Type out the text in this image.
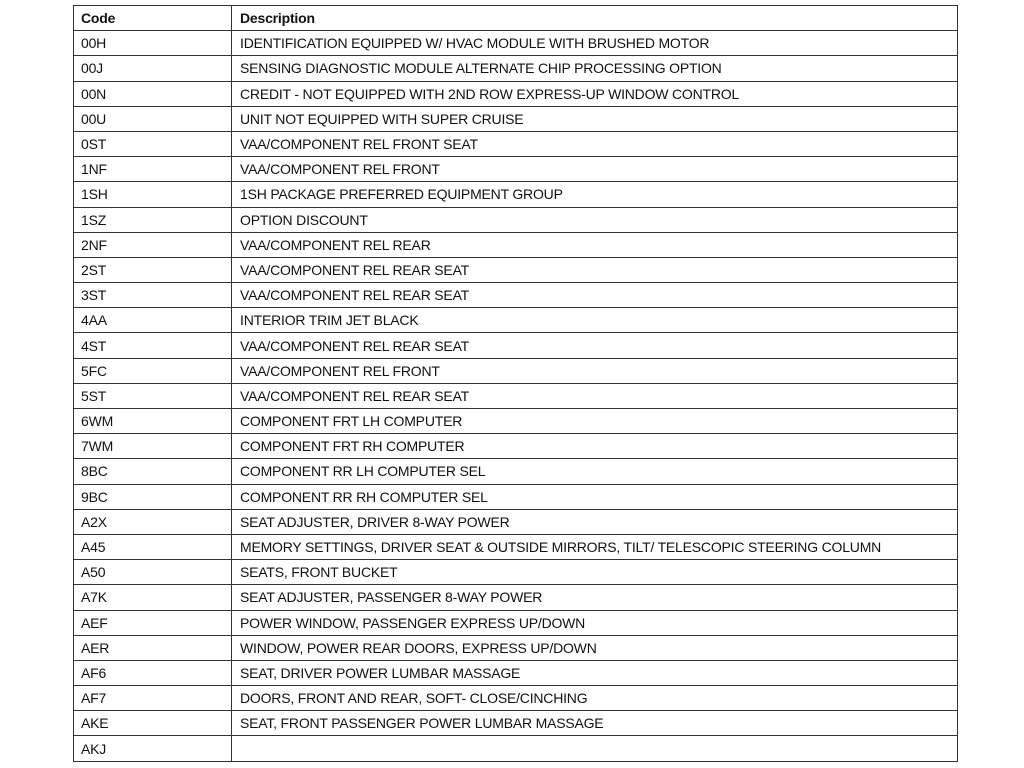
Code	Description
00H	IDENTIFICATION EQUIPPED W/ HVAC MODULE WITH BRUSHED MOTOR
00J	SENSING DIAGNOSTIC MODULE ALTERNATE CHIP PROCESSING OPTION
00N	CREDIT - NOT EQUIPPED WITH 2ND ROW EXPRESS-UP WINDOW CONTROL
00U	UNIT NOT EQUIPPED WITH SUPER CRUISE
0ST	VAA/COMPONENT REL FRONT SEAT
1NF	VAA/COMPONENT REL FRONT
1SH	1SH PACKAGE PREFERRED EQUIPMENT GROUP
1SZ	OPTION DISCOUNT
2NF	VAA/COMPONENT REL REAR
2ST	VAA/COMPONENT REL REAR SEAT
3ST	VAA/COMPONENT REL REAR SEAT
4AA	INTERIOR TRIM JET BLACK
4ST	VAA/COMPONENT REL REAR SEAT
5FC	VAA/COMPONENT REL FRONT
5ST	VAA/COMPONENT REL REAR SEAT
6WM	COMPONENT FRT LH COMPUTER
7WM	COMPONENT FRT RH COMPUTER
8BC	COMPONENT RR LH COMPUTER SEL
9BC	COMPONENT RR RH COMPUTER SEL
A2X	SEAT ADJUSTER, DRIVER 8-WAY POWER
A45	MEMORY SETTINGS, DRIVER SEAT & OUTSIDE MIRRORS, TILT/ TELESCOPIC STEERING COLUMN
A50	SEATS, FRONT BUCKET
A7K	SEAT ADJUSTER, PASSENGER 8-WAY POWER
AEF	POWER WINDOW, PASSENGER EXPRESS UP/DOWN
AER	WINDOW, POWER REAR DOORS, EXPRESS UP/DOWN
AF6	SEAT, DRIVER POWER LUMBAR MASSAGE
AF7	DOORS, FRONT AND REAR, SOFT- CLOSE/CINCHING
AKE	SEAT, FRONT PASSENGER POWER LUMBAR MASSAGE
AKJ	
